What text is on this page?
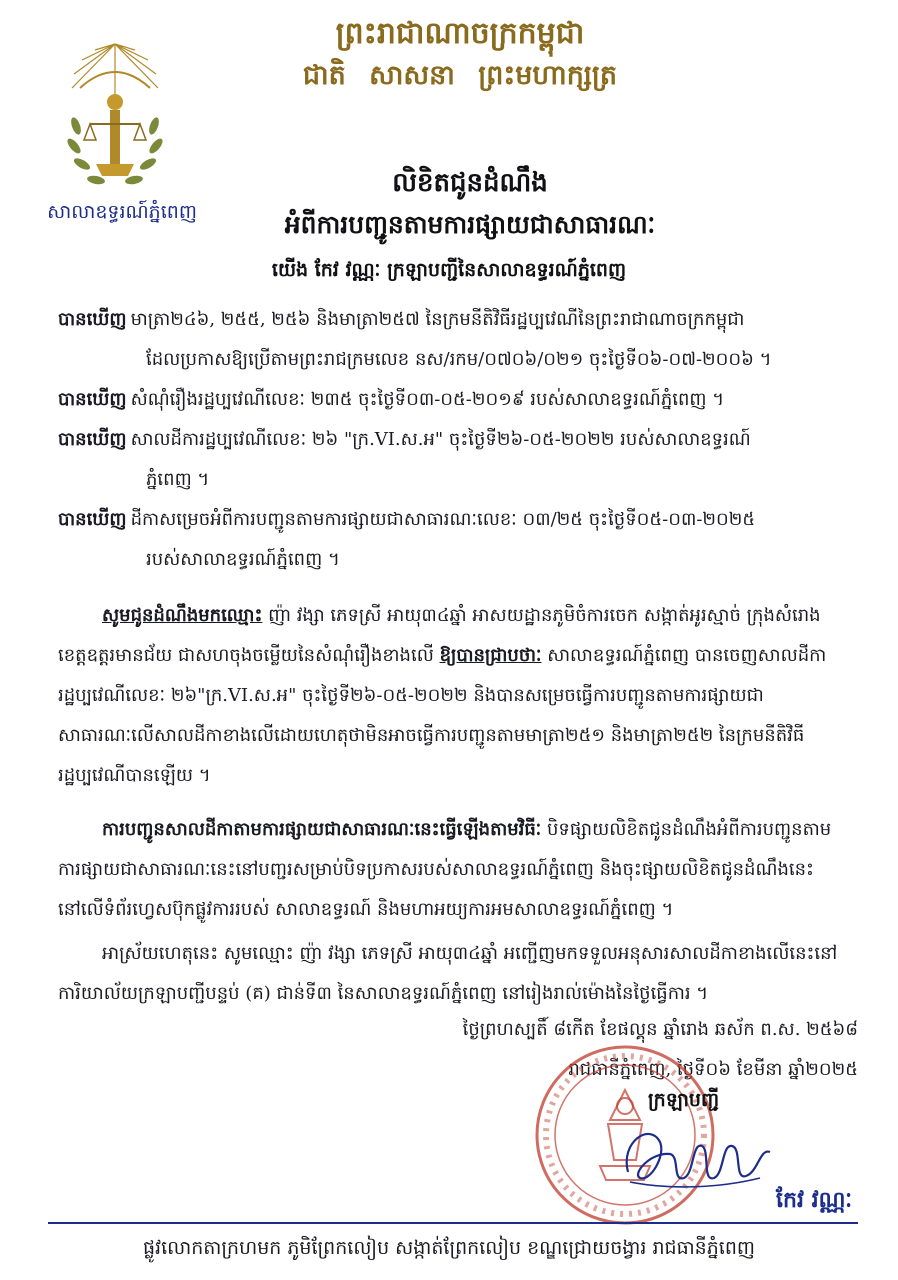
ព្រះរាជាណាចក្រកម្ពុជា
ជាតិ សាសនា ព្រះមហាក្សត្រ
សាលាឧទ្ធរណ៍ភ្នំពេញ
លិខិតជូនដំណឹង
អំពីការបញ្ជូនតាមការផ្សាយជាសាធារណៈ
យើង កែវ វណ្ណៈ ក្រឡាបញ្ជីនៃសាលាឧទ្ធរណ៍ភ្នំពេញ

បានឃើញ មាត្រា២៤៦, ២៥៥, ២៥៦ និងមាត្រា២៥៧ នៃក្រមនីតិវិធីរដ្ឋប្បវេណីនៃព្រះរាជាណាចក្រកម្ពុជា
ដែលប្រកាសឱ្យប្រើតាមព្រះរាជក្រមលេខ នស/រកម/០៧០៦/០២១ ចុះថ្ងៃទី០៦-០៧-២០០៦ ។

បានឃើញ សំណុំរឿងរដ្ឋប្បវេណីលេខៈ ២៣៥ ចុះថ្ងៃទី០៣-០៥-២០១៩ របស់សាលាឧទ្ធរណ៍ភ្នំពេញ ។

បានឃើញ សាលដីការដ្ឋប្បវេណីលេខៈ ២៦ "ក្រ.VI.ស.អ" ចុះថ្ងៃទី២៦-០៥-២០២២ របស់សាលាឧទ្ធរណ៍
ភ្នំពេញ ។

បានឃើញ ដីកាសម្រេចអំពីការបញ្ជូនតាមការផ្សាយជាសាធារណៈលេខៈ ០៣/២៥ ចុះថ្ងៃទី០៥-០៣-២០២៥
របស់សាលាឧទ្ធរណ៍ភ្នំពេញ ។

សូមជូនដំណឹងមកឈ្មោះ ញ៉ា វង្សា ភេទស្រី អាយុ៣៤ឆ្នាំ អាសយដ្ឋានភូមិចំការចេក សង្កាត់អូរស្មាច់ ក្រុងសំរោង ខេត្តឧត្តរមានជ័យ ជាសហចុងចម្លើយនៃសំណុំរឿងខាងលើ ឱ្យបានជ្រាបថាៈ សាលាឧទ្ធរណ៍ភ្នំពេញ បានចេញសាលដីការដ្ឋប្បវេណីលេខៈ ២៦"ក្រ.VI.ស.អ" ចុះថ្ងៃទី២៦-០៥-២០២២ និងបានសម្រេចធ្វើការបញ្ជូនតាមការផ្សាយជាសាធារណៈលើសាលដីកាខាងលើដោយហេតុថាមិនអាចធ្វើការបញ្ជូនតាមមាត្រា២៥១ និងមាត្រា២៥២ នៃក្រមនីតិវិធីរដ្ឋប្បវេណីបានឡើយ ។

ការបញ្ជូនសាលដីកាតាមការផ្សាយជាសាធារណៈនេះធ្វើឡើងតាមវិធីៈ បិទផ្សាយលិខិតជូនដំណឹងអំពីការបញ្ជូនតាមការផ្សាយជាសាធារណៈនេះនៅបញ្ជរសម្រាប់បិទប្រកាសរបស់សាលាឧទ្ធរណ៍ភ្នំពេញ និងចុះផ្សាយលិខិតជូនដំណឹងនេះនៅលើទំព័រហ្វេសប៊ុកផ្លូវការរបស់ សាលាឧទ្ធរណ៍ និងមហាអយ្យការអមសាលាឧទ្ធរណ៍ភ្នំពេញ ។

អាស្រ័យហេតុនេះ សូមឈ្មោះ ញ៉ា វង្សា ភេទស្រី អាយុ៣៤ឆ្នាំ អញ្ជើញមកទទួលអនុសារសាលដីកាខាងលើនេះនៅការិយាល័យក្រឡាបញ្ជីបន្ទប់ (គ) ជាន់ទី៣ នៃសាលាឧទ្ធរណ៍ភ្នំពេញ នៅរៀងរាល់ម៉ោងនៃថ្ងៃធ្វើការ ។

ថ្ងៃព្រហស្បតិ៍ ៨កើត ខែផល្គុន ឆ្នាំរោង ឆស័ក ព.ស. ២៥៦៨
រាជធានីភ្នំពេញ, ថ្ងៃទី០៦ ខែមីនា ឆ្នាំ២០២៥
ក្រឡាបញ្ជី
កែវ វណ្ណៈ
ផ្លូវលោកតាក្រហមក ភូមិព្រែកលៀប សង្កាត់ព្រែកលៀប ខណ្ឌជ្រោយចង្វារ រាជធានីភ្នំពេញ
